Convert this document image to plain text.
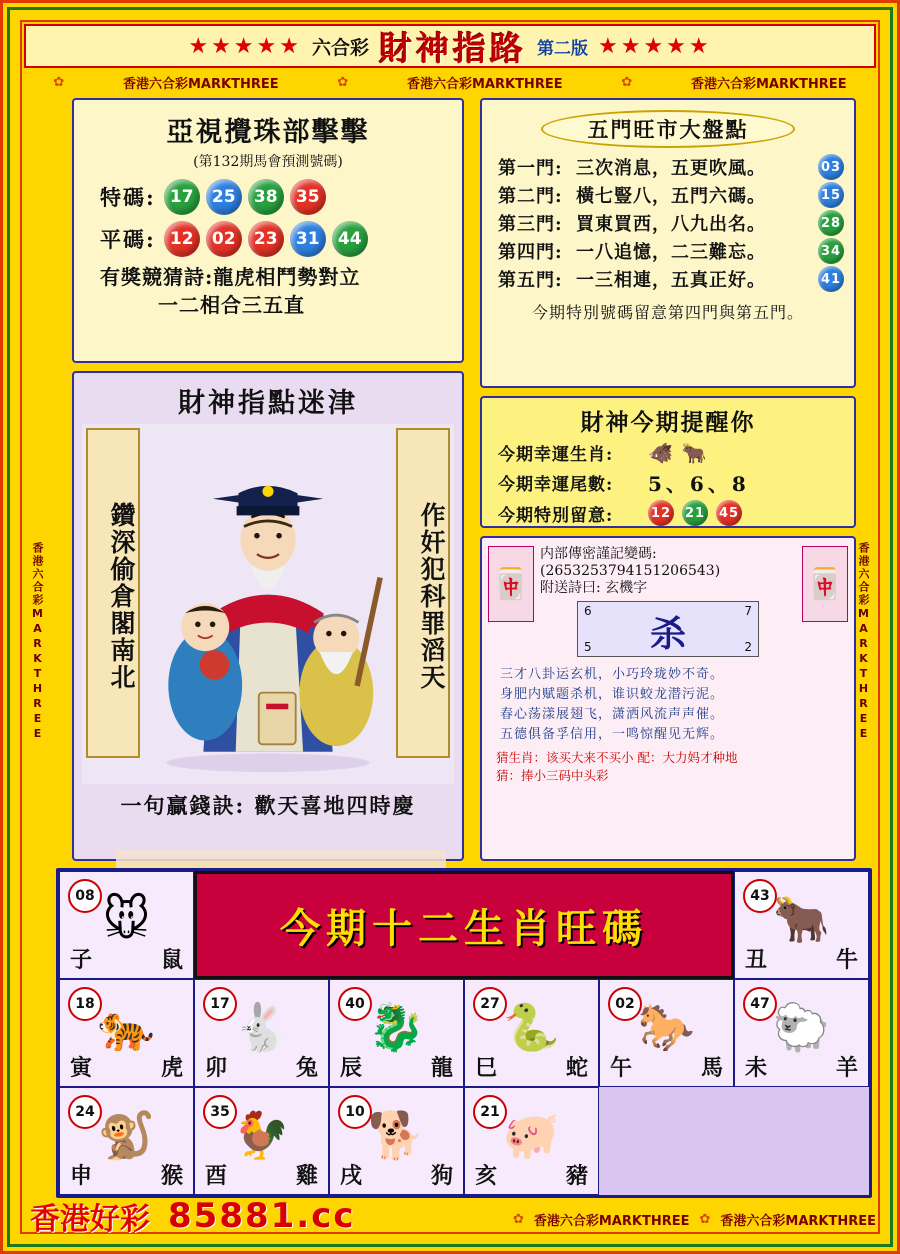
★★★★★ 六合彩 財神指路 第二版 ★★★★★
✿	香港六合彩MARKTHREE	✿	香港六合彩MARKTHREE	✿	香港六合彩MARKTHREE
香港六合彩MARKTHREE	香港六合彩MARKTHREE
亞視攪珠部擊擊
(第132期馬會預測號碼)
特碼: 17	25	38	35
平碼: 12	02	23	31	44
有獎競猜詩:龍虎相鬥勢對立
一二相合三五直
五門旺市大盤點
第一門: 三次消息，五更吹風。	03
第二門: 橫七豎八，五門六碼。	15
第三門: 買東買西，八九出名。	28
第四門: 一八追憶，二三難忘。	34
第五門: 一三相連，五真正好。	41
今期特別號碼留意第四門與第五門。
財神指點迷津
鑽深偷倉閣南北	作奸犯科罪滔天
一句贏錢訣: 歡天喜地四時慶
財神今期提醒你
今期幸運生肖:	🐗 🐂
今期幸運尾數:	5、6、8
今期特別留意:	12 21 45
🀄	🀄
内部傳密謹記變碼:
(2653253794151206543)
附送詩曰: 玄機字
6	7
杀
5	2
三才八卦运玄机，小巧玲珑妙不奇。
身肥内赋题杀机，谁识蛟龙潜污泥。
春心荡漾展翅飞，潇洒风流声声催。
五德俱备孚信用，一鸣惊醒见无辉。
猜生肖：该买大来不买小 配：大力妈才种地
猜：捧小三码中头彩
08 🐭
子	鼠
今期十二生肖旺碼
43 🐂
丑	牛
18 🐅
寅	虎
17 🐇
卯	兔
40 🐉
辰	龍
27 🐍
巳	蛇
02 🐎
午	馬
47 🐑
未	羊
24 🐒
申	猴
35 🐓
酉	雞
10 🐕
戌	狗
21 🐖
亥	豬
香港好彩 85881.cc	✿ 香港六合彩MARKTHREE ✿ 香港六合彩MARKTHREE
